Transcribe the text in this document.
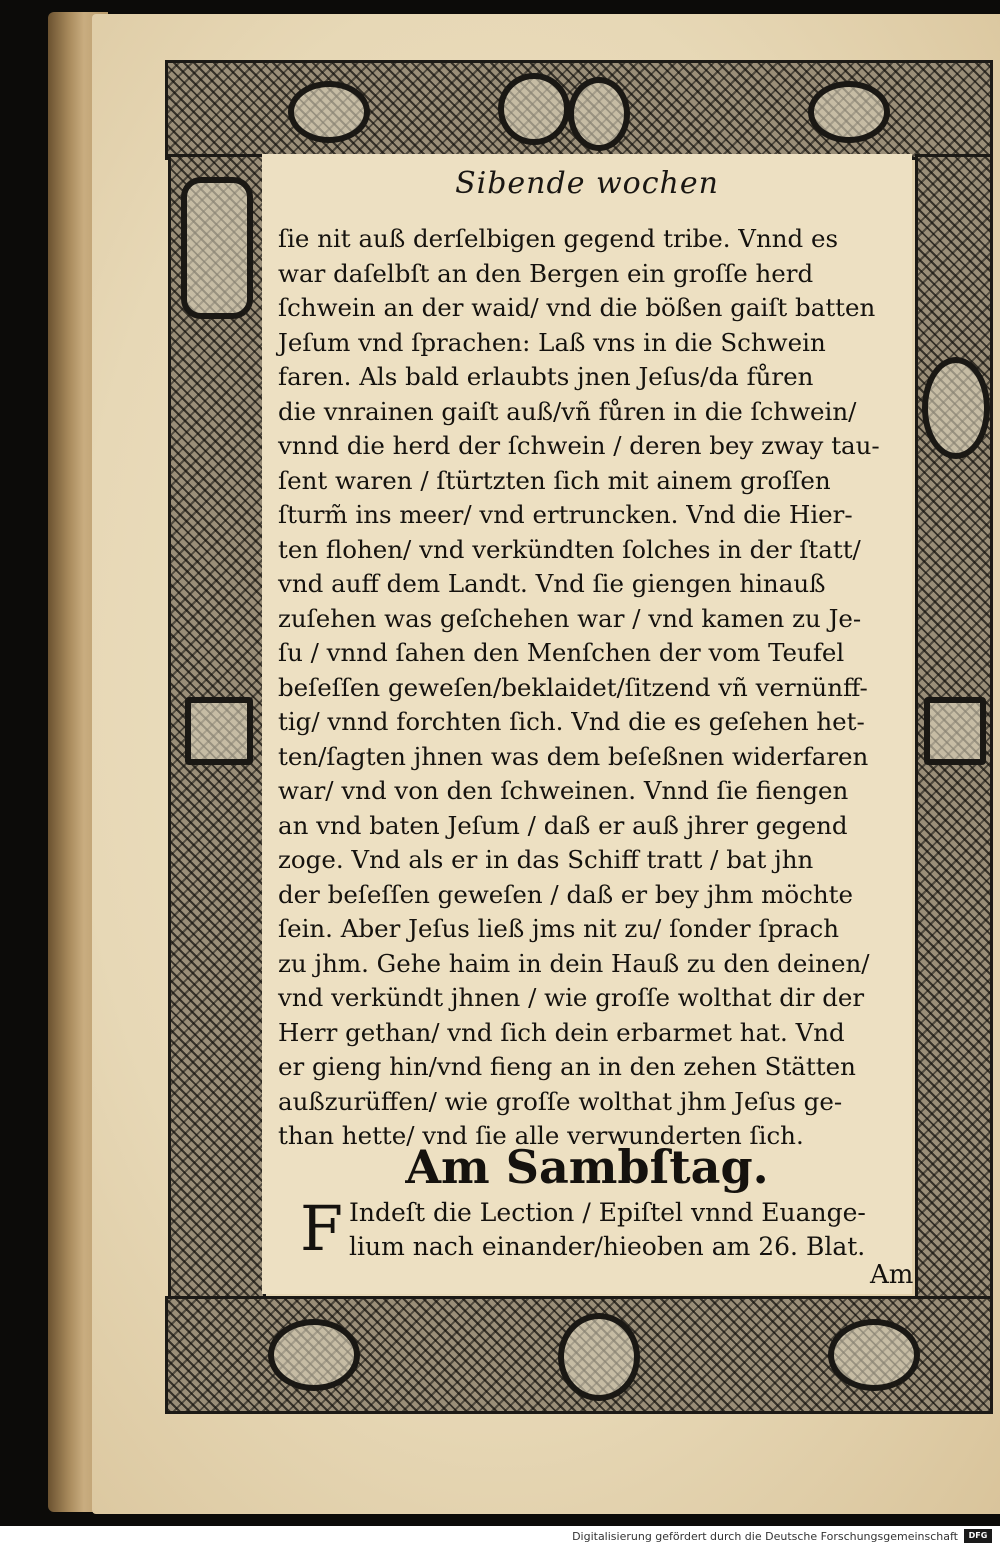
Sibende wochen
ſie nit auß derſelbigen gegend tribe. Vnnd es
war daſelbſt an den Bergen ein groſſe herd
ſchwein an der waid/ vnd die bößen gaiſt batten
Jeſum vnd ſprachen: Laß vns in die Schwein
faren. Als bald erlaubts jnen Jeſus/da fůren
die vnrainen gaiſt auß/vñ fůren in die ſchwein/
vnnd die herd der ſchwein / deren bey zway tau-
ſent waren / ſtürtzten ſich mit ainem groſſen
ſturm̃ ins meer/ vnd ertruncken. Vnd die Hier-
ten flohen/ vnd verkündten ſolches in der ſtatt/
vnd auff dem Landt. Vnd ſie giengen hinauß
zuſehen was geſchehen war / vnd kamen zu Je-
ſu / vnnd ſahen den Menſchen der vom Teufel
beſeſſen geweſen/beklaidet/ſitzend vñ vernünff-
tig/ vnnd forchten ſich. Vnd die es geſehen het-
ten/ſagten jhnen was dem beſeßnen widerfaren
war/ vnd von den ſchweinen. Vnnd ſie fiengen
an vnd baten Jeſum / daß er auß jhrer gegend
zoge. Vnd als er in das Schiff tratt / bat jhn
der beſeſſen geweſen / daß er bey jhm möchte
ſein. Aber Jeſus ließ jms nit zu/ ſonder ſprach
zu jhm. Gehe haim in dein Hauß zu den deinen/
vnd verkündt jhnen / wie groſſe wolthat dir der
Herr gethan/ vnd ſich dein erbarmet hat. Vnd
er gieng hin/vnd fieng an in den zehen Stätten
außzurüffen/ wie groſſe wolthat jhm Jeſus ge-
than hette/ vnd ſie alle verwunderten ſich.
Am Sambſtag.
F Indeſt die Lection / Epiſtel vnnd Euange-
lium nach einander/hieoben am 26. Blat.
Am
Digitalisierung gefördert durch die Deutsche Forschungsgemeinschaft	DFG
